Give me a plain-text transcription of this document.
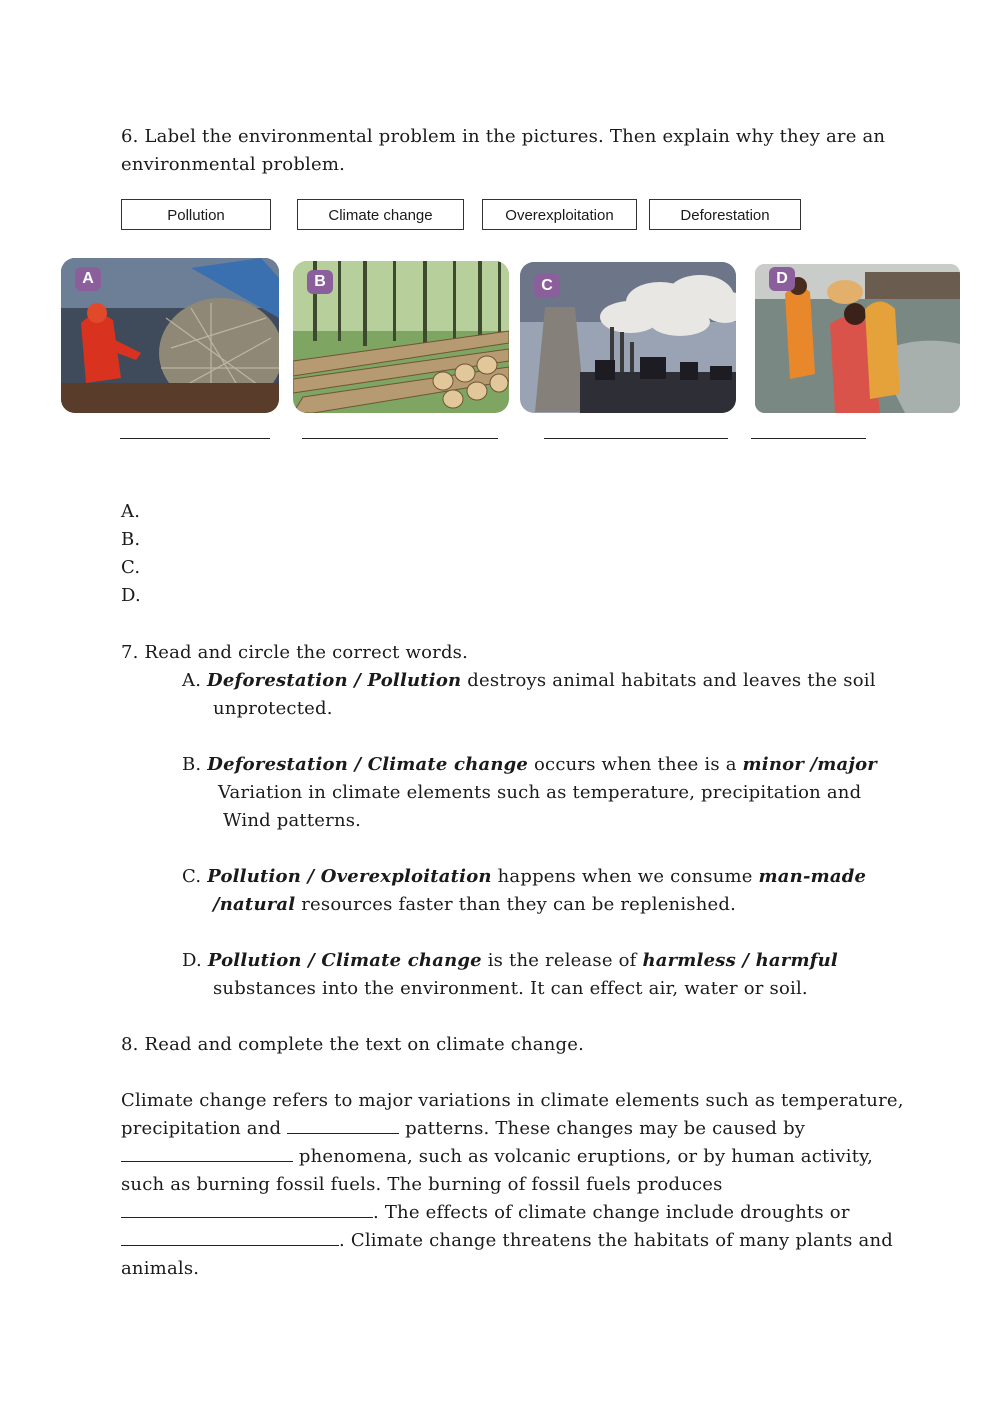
6. Label the environmental problem in the pictures. Then explain why they are an
environmental problem.
Pollution	Climate change	Overexploitation	Deforestation
A	B	C	D
A.
B.
C.
D.
7. Read and circle the correct words.
A. Deforestation / Pollution destroys animal habitats and leaves the soil
unprotected.
B. Deforestation / Climate change occurs when thee is a minor /major
Variation in climate elements such as temperature, precipitation and
Wind patterns.
C. Pollution / Overexploitation happens when we consume man-made
/natural resources faster than they can be replenished.
D. Pollution / Climate change is the release of harmless / harmful
substances into the environment. It can effect air, water or soil.
8. Read and complete the text on climate change.
Climate change refers to major variations in climate elements such as temperature,
precipitation and	patterns. These changes may be caused by
phenomena, such as volcanic eruptions, or by human activity,
such as burning fossil fuels. The burning of fossil fuels produces
. The effects of climate change include droughts or
. Climate change threatens the habitats of many plants and
animals.
